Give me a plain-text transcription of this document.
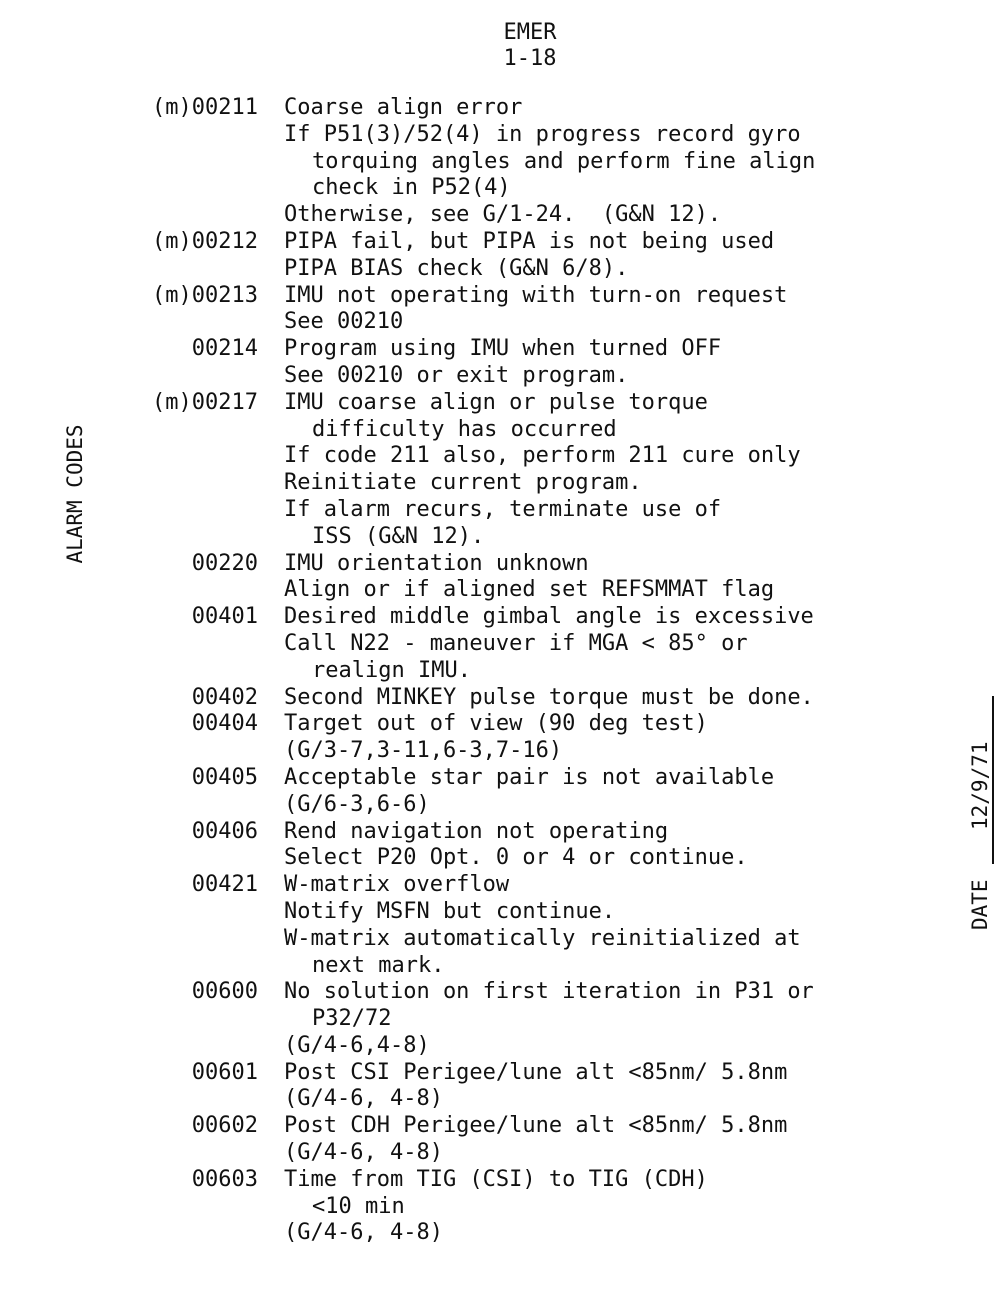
EMER
1-18
ALARM CODES
DATE
12/9/71
(m)00211 Coarse align error
If P51(3)/52(4) in progress record gyro
torquing angles and perform fine align
check in P52(4)
Otherwise, see G/1-24.  (G&N 12).
(m)00212 PIPA fail, but PIPA is not being used
PIPA BIAS check (G&N 6/8).
(m)00213 IMU not operating with turn-on request
See 00210
00214 Program using IMU when turned OFF
See 00210 or exit program.
(m)00217 IMU coarse align or pulse torque
difficulty has occurred
If code 211 also, perform 211 cure only
Reinitiate current program.
If alarm recurs, terminate use of
ISS (G&N 12).
00220 IMU orientation unknown
Align or if aligned set REFSMMAT flag
00401 Desired middle gimbal angle is excessive
Call N22 - maneuver if MGA < 85° or
realign IMU.
00402 Second MINKEY pulse torque must be done.
00404 Target out of view (90 deg test)
(G/3-7,3-11,6-3,7-16)
00405 Acceptable star pair is not available
(G/6-3,6-6)
00406 Rend navigation not operating
Select P20 Opt. 0 or 4 or continue.
00421 W-matrix overflow
Notify MSFN but continue.
W-matrix automatically reinitialized at
next mark.
00600 No solution on first iteration in P31 or
P32/72
(G/4-6,4-8)
00601 Post CSI Perigee/lune alt <85nm/ 5.8nm
(G/4-6, 4-8)
00602 Post CDH Perigee/lune alt <85nm/ 5.8nm
(G/4-6, 4-8)
00603 Time from TIG (CSI) to TIG (CDH)
<10 min
(G/4-6, 4-8)
